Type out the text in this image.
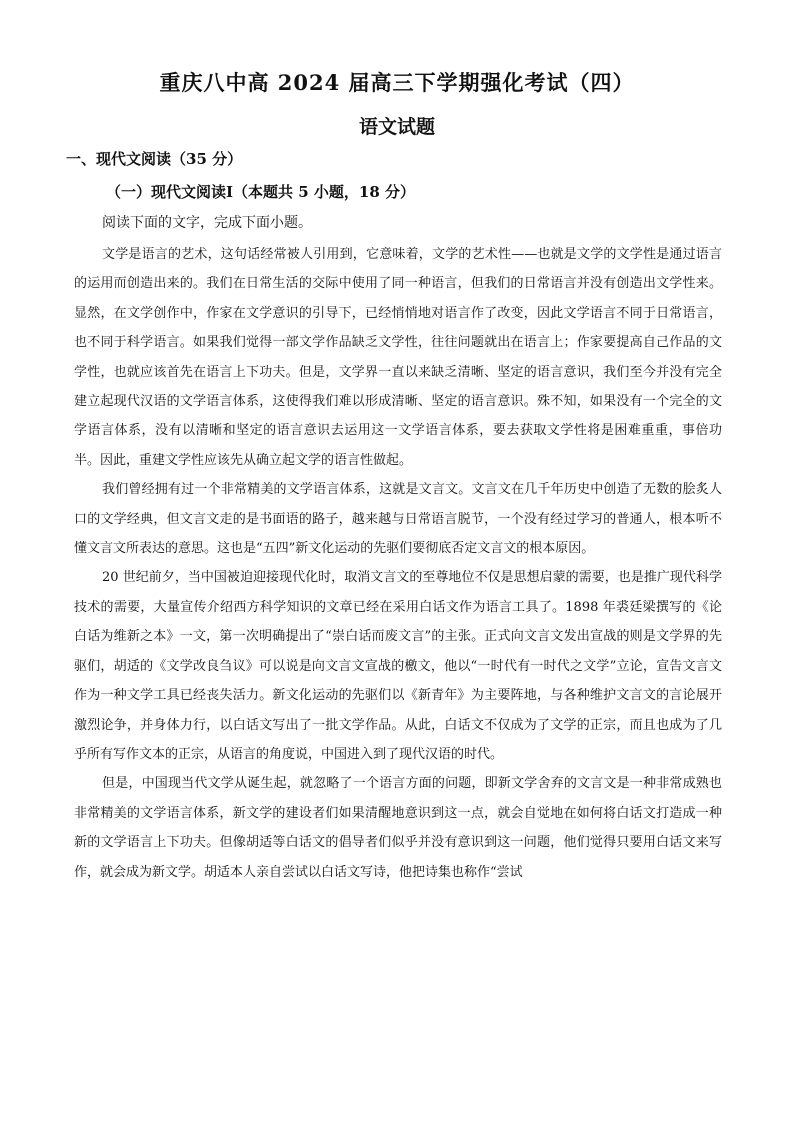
重庆八中高 2024 届高三下学期强化考试（四）
语文试题
一、现代文阅读（35 分）
（一）现代文阅读Ⅰ（本题共 5 小题，18 分）
阅读下面的文字，完成下面小题。

文学是语言的艺术，这句话经常被人引用到，它意味着，文学的艺术性——也就是文学的文学性是通过语言的运用而创造出来的。我们在日常生活的交际中使用了同一种语言，但我们的日常语言并没有创造出文学性来。显然，在文学创作中，作家在文学意识的引导下，已经悄悄地对语言作了改变，因此文学语言不同于日常语言，也不同于科学语言。如果我们觉得一部文学作品缺乏文学性，往往问题就出在语言上；作家要提高自己作品的文学性，也就应该首先在语言上下功夫。但是，文学界一直以来缺乏清晰、坚定的语言意识，我们至今并没有完全建立起现代汉语的文学语言体系，这使得我们难以形成清晰、坚定的语言意识。殊不知，如果没有一个完全的文学语言体系，没有以清晰和坚定的语言意识去运用这一文学语言体系，要去获取文学性将是困难重重，事倍功半。因此，重建文学性应该先从确立起文学的语言性做起。

我们曾经拥有过一个非常精美的文学语言体系，这就是文言文。文言文在几千年历史中创造了无数的脍炙人口的文学经典，但文言文走的是书面语的路子，越来越与日常语言脱节，一个没有经过学习的普通人，根本听不懂文言文所表达的意思。这也是“五四”新文化运动的先驱们要彻底否定文言文的根本原因。

20 世纪前夕，当中国被迫迎接现代化时，取消文言文的至尊地位不仅是思想启蒙的需要，也是推广现代科学技术的需要，大量宣传介绍西方科学知识的文章已经在采用白话文作为语言工具了。1898 年裘廷梁撰写的《论白话为维新之本》一文，第一次明确提出了“崇白话而废文言”的主张。正式向文言文发出宣战的则是文学界的先驱们，胡适的《文学改良刍议》可以说是向文言文宣战的檄文，他以“一时代有一时代之文学”立论，宣告文言文作为一种文学工具已经丧失活力。新文化运动的先驱们以《新青年》为主要阵地，与各种维护文言文的言论展开激烈论争，并身体力行，以白话文写出了一批文学作品。从此，白话文不仅成为了文学的正宗，而且也成为了几乎所有写作文本的正宗，从语言的角度说，中国进入到了现代汉语的时代。

但是，中国现当代文学从诞生起，就忽略了一个语言方面的问题，即新文学舍弃的文言文是一种非常成熟也非常精美的文学语言体系，新文学的建设者们如果清醒地意识到这一点，就会自觉地在如何将白话文打造成一种新的文学语言上下功夫。但像胡适等白话文的倡导者们似乎并没有意识到这一问题，他们觉得只要用白话文来写作，就会成为新文学。胡适本人亲自尝试以白话文写诗，他把诗集也称作“尝试
